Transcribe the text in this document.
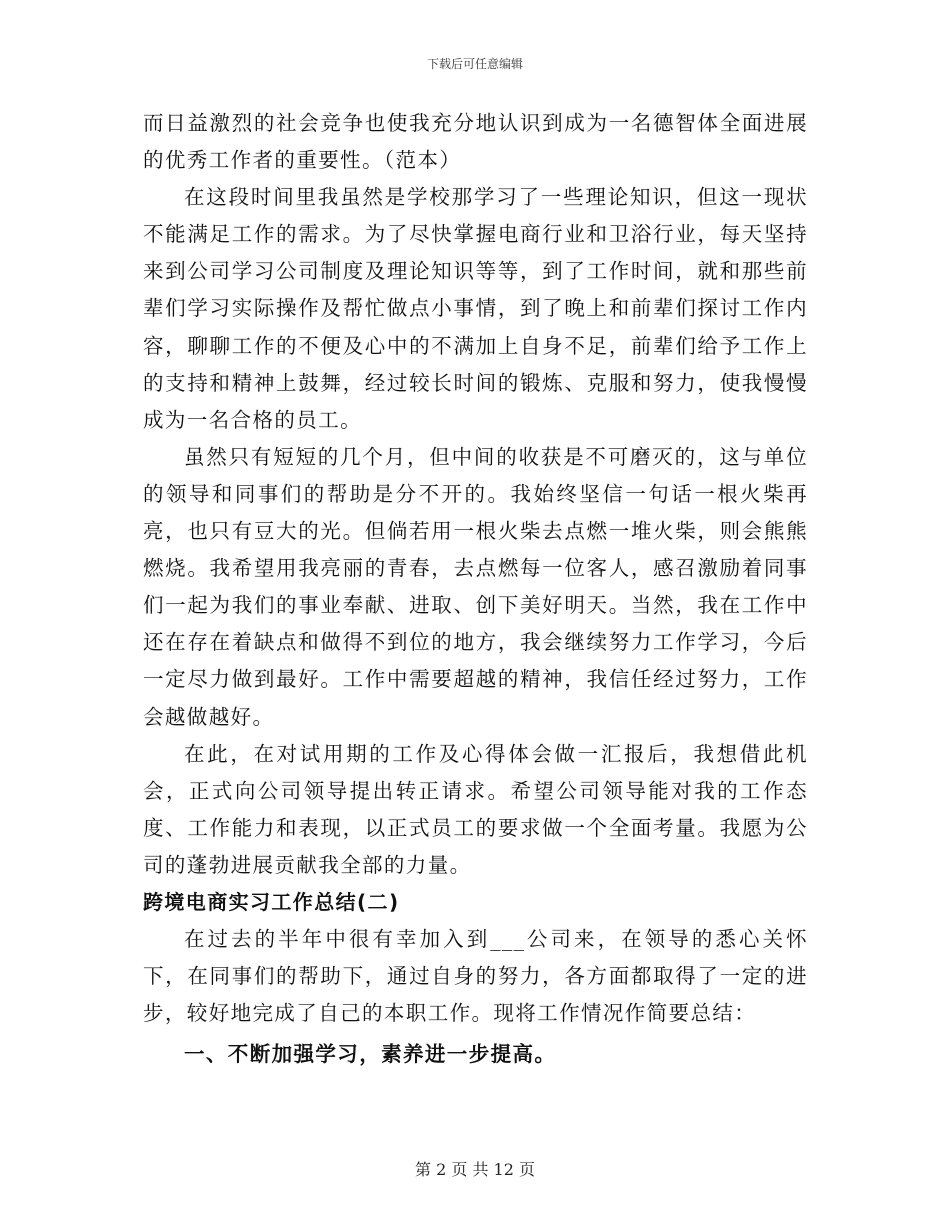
下载后可任意编辑

而日益激烈的社会竞争也使我充分地认识到成为一名德智体全面进展的优秀工作者的重要性。（范本）

在这段时间里我虽然是学校那学习了一些理论知识，但这一现状不能满足工作的需求。为了尽快掌握电商行业和卫浴行业，每天坚持来到公司学习公司制度及理论知识等等，到了工作时间，就和那些前辈们学习实际操作及帮忙做点小事情，到了晚上和前辈们探讨工作内容，聊聊工作的不便及心中的不满加上自身不足，前辈们给予工作上的支持和精神上鼓舞，经过较长时间的锻炼、克服和努力，使我慢慢成为一名合格的员工。

虽然只有短短的几个月，但中间的收获是不可磨灭的，这与单位的领导和同事们的帮助是分不开的。我始终坚信一句话一根火柴再亮，也只有豆大的光。但倘若用一根火柴去点燃一堆火柴，则会熊熊燃烧。我希望用我亮丽的青春，去点燃每一位客人，感召激励着同事们一起为我们的事业奉献、进取、创下美好明天。当然，我在工作中还在存在着缺点和做得不到位的地方，我会继续努力工作学习，今后一定尽力做到最好。工作中需要超越的精神，我信任经过努力，工作会越做越好。

在此，在对试用期的工作及心得体会做一汇报后，我想借此机会，正式向公司领导提出转正请求。希望公司领导能对我的工作态度、工作能力和表现，以正式员工的要求做一个全面考量。我愿为公司的蓬勃进展贡献我全部的力量。

跨境电商实习工作总结(二)

在过去的半年中很有幸加入到___公司来，在领导的悉心关怀下，在同事们的帮助下，通过自身的努力，各方面都取得了一定的进步，较好地完成了自己的本职工作。现将工作情况作简要总结：

一、不断加强学习，素养进一步提高。

第 2 页 共 12 页
